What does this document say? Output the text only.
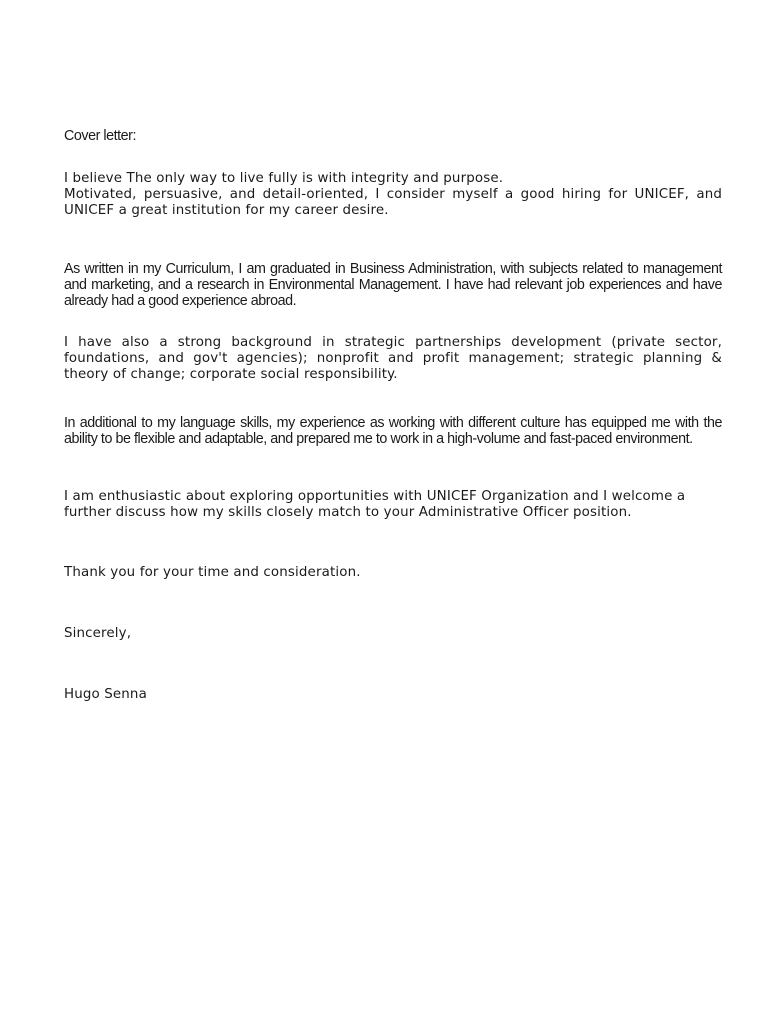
Cover letter:

I believe The only way to live fully is with integrity and purpose.
Motivated, persuasive, and detail-oriented, I consider myself a good hiring for UNICEF, and UNICEF a great institution for my career desire.

As written in my Curriculum, I am graduated in Business Administration, with subjects related to management and marketing, and a research in Environmental Management. I have had relevant job experiences and have already had a good experience abroad.

I have also a strong background in strategic partnerships development (private sector, foundations, and gov't agencies); nonprofit and profit management; strategic planning & theory of change; corporate social responsibility.

In additional to my language skills, my experience as working with different culture has equipped me with the ability to be flexible and adaptable, and prepared me to work in a high-volume and fast-paced environment.

I am enthusiastic about exploring opportunities with UNICEF Organization and I welcome a further discuss how my skills closely match to your Administrative Officer position.

Thank you for your time and consideration.

Sincerely,

Hugo Senna
